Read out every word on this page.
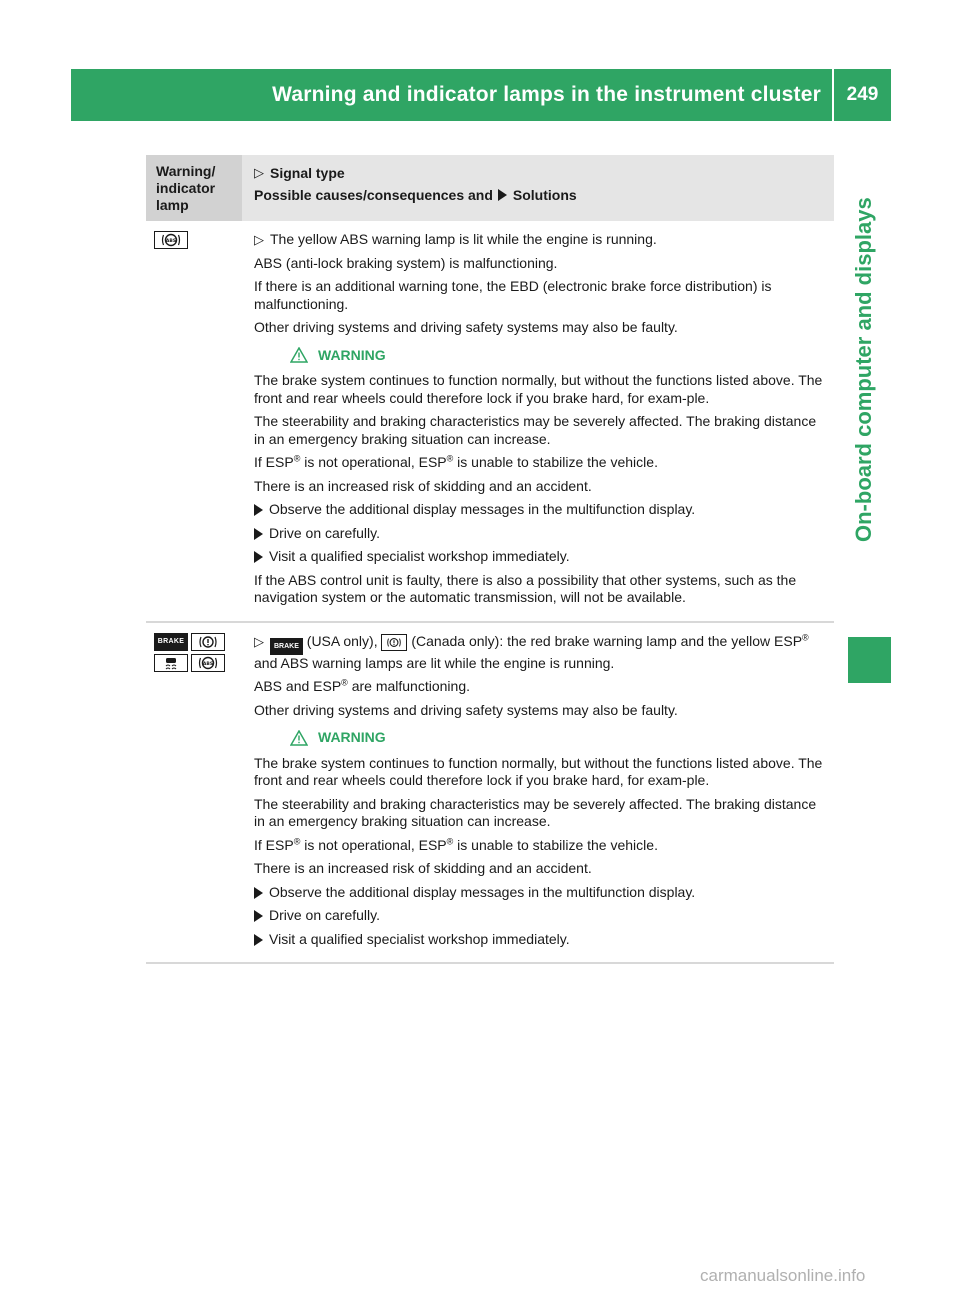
Warning and indicator lamps in the instrument cluster	249
On-board computer and displays
Warning/
indicator
lamp
▷ Signal type
Possible causes/consequences and Solutions
ABS	▷ The yellow ABS warning lamp is lit while the engine is running.

ABS (anti-lock braking system) is malfunctioning.

If there is an additional warning tone, the EBD (electronic brake force distribution) is malfunctioning.

Other driving systems and driving safety systems may also be faulty.

WARNING

The brake system continues to function normally, but without the functions listed above. The front and rear wheels could therefore lock if you brake hard, for exam-ple.

The steerability and braking characteristics may be severely affected. The braking distance in an emergency braking situation can increase.

If ESP® is not operational, ESP® is unable to stabilize the vehicle.

There is an increased risk of skidding and an accident.

Observe the additional display messages in the multifunction display.
Drive on carefully.
Visit a qualified specialist workshop immediately.

If the ABS control unit is faulty, there is also a possibility that other systems, such as the navigation system or the automatic transmission, will not be available.

BRAKE
ABS

▷ BRAKE (USA only), (Canada only): the red brake warning lamp and the yellow ESP® and ABS warning lamps are lit while the engine is running.

ABS and ESP® are malfunctioning.

Other driving systems and driving safety systems may also be faulty.

WARNING

The brake system continues to function normally, but without the functions listed above. The front and rear wheels could therefore lock if you brake hard, for exam-ple.

The steerability and braking characteristics may be severely affected. The braking distance in an emergency braking situation can increase.

If ESP® is not operational, ESP® is unable to stabilize the vehicle.

There is an increased risk of skidding and an accident.

Observe the additional display messages in the multifunction display.
Drive on carefully.
Visit a qualified specialist workshop immediately.
carmanualsonline.info
